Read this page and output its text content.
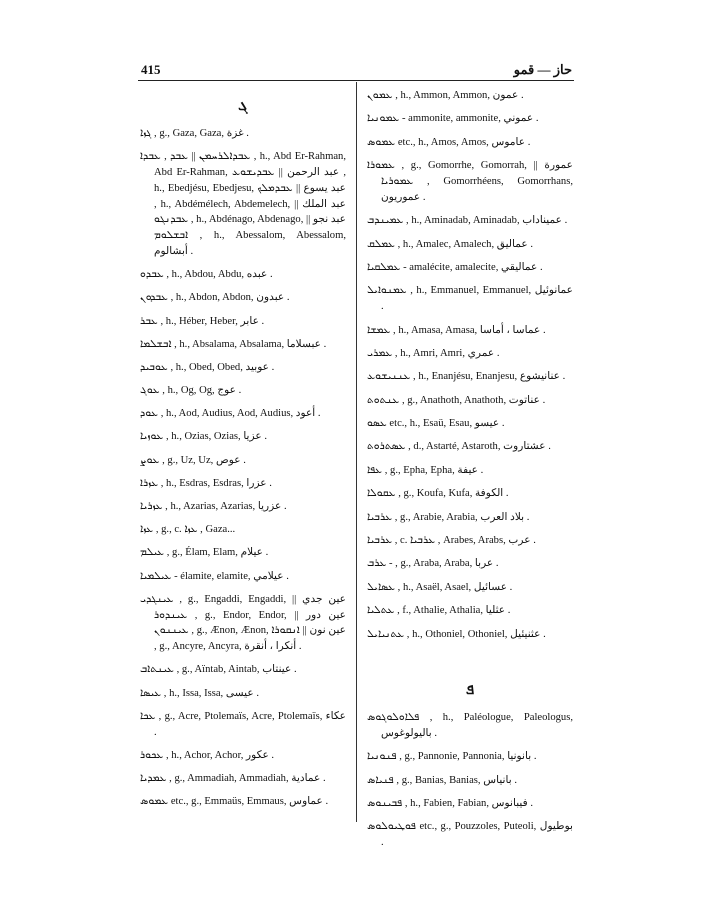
415	حاز — قمو
ܓ
ܓܙܐ , g., Gaza, Gaza, غزة .
ܥܒܕܐܠܪܚܡܢ || ܥܒܕ , ܥܒܕܐ , h., Abd Er-Rahman, Abd Er-Rahman, عبد الرحمن || ܥܒܕܝܫܘܥ , h., Ebedjésu, Ebedjesu, عبد يسوع || ܥܒܕܡܠܟ , h., Abdémélech, Abdemelech, عبد الملك || ܥܒܕܢܓܘ , h., Abdénago, Abdenago, عبد نجو || ܐܒܫܠܘܡ , h., Abessalom, Abessalom, أبشالوم .
ܥܒܕܘ , h., Abdou, Abdu, عبده .
ܥܒܕܘܢ , h., Abdon, Abdon, عبدون .
ܥܒܪ , h., Héber, Heber, عابر .
ܐܒܫܠܡܐ , h., Absalama, Absalama, عبسلاما .
ܥܘܒܝܕ , h., Obed, Obed, عوبيد .
ܥܘܓ , h., Og, Og, عوج .
ܥܘܕ , h., Aod, Audius, Aod, Audius, أعود .
ܥܘܙܝܐ , h., Ozias, Ozias, عزيا .
ܥܘܨ , g., Uz, Uz, عوص .
ܥܙܪܐ , h., Esdras, Esdras, عزرا .
ܥܙܪܝܐ , h., Azarias, Azarias, عزريا .
ܥܙܐ , g., c. ܥܙܐ , Gaza...
ܥܝܠܡ , g., Élam, Elam, عيلام .
ܥܝܠܡܝܐ - élamite, elamite, عيلامي .
ܥܝܢܓܕܝ , g., Engaddi, Engaddi, عين جدي || ܥܝܢܕܘܪ , g., Endor, Endor, عين دور || ܥܝܢܢܘܢ , g., Ænon, Ænon, عين نون || ܐܢܩܘܪܐ , g., Ancyre, Ancyra, أنكرا ، أنقرة .
ܥܝܢܬܐܒ , g., Aïntab, Aintab, عينتاب .
ܥܝܣܐ , h., Issa, Issa, عيسى .
ܥܟܐ , g., Acre, Ptolemaïs, Acre, Ptolemaïs, عكاء .
ܥܟܘܪ , h., Achor, Achor, عكور .
ܥܡܕܝܐ , g., Ammadiah, Ammadiah, عمادية .
ܥܡܘܣ etc., g., Emmaüs, Emmaus, عماوس .
ܥܡܘܢ , h., Ammon, Ammon, عمون .
ܥܡܘܢܝܐ - ammonite, ammonite, عموني .
ܥܡܘܣ etc., h., Amos, Amos, عاموس .
ܥܡܘܪܐ , g., Gomorrhe, Gomorrah, عمورة || ܥܡܘܪܝܐ , Gomorrhéens, Gomorrhans, عموريون .
ܥܡܝܢܕܒ , h., Aminadab, Aminadab, عميناداب .
ܥܡܠܩ , h., Amalec, Amalech, عماليق .
ܥܡܠܩܝܐ - amalécite, amalecite, عماليقي .
ܥܡܢܘܐܝܠ , h., Emmanuel, Emmanuel, عمانوئيل .
ܥܡܫܐ , h., Amasa, Amasa, عماسا ، أماسا .
ܥܡܪܝ , h., Amri, Amri, عمري .
ܥܢܢܝܫܘܥ , h., Enanjésu, Enanjesu, عنانيشوع .
ܥܢܬܘܬ , g., Anathoth, Anathoth, عناتوت .
ܥܣܘ etc., h., Esaü, Esau, عيسو .
ܥܣܬܪܘܬ , d., Astarté, Astaroth, عشتاروت .
ܥܦܐ , g., Epha, Epha, عيفة .
ܥܩܘܠܐ , g., Koufa, Kufa, الكوفة .
ܥܪܒܝܐ , g., Arabie, Arabia, بلاد العرب .
ܥܪܒܝܐ , c. ܥܪܒܝܐ , Arabes, Arabs, عرب .
ܥܪܒ - , g., Araba, Araba, عربا .
ܥܣܐܝܠ , h., Asaël, Asael, عسائيل .
ܥܬܠܝܐ , f., Athalie, Athalia, عثليا .
ܥܬܢܝܐܝܠ , h., Othoniel, Othoniel, عثنيئيل .
ܦ
ܦܠܐܘܠܘܓܘܣ , h., Paléologue, Paleologus, باليولوغوس .
ܦܢܘܢܝܐ , g., Pannonie, Pannonia, بانونيا .
ܦܢܝܐܣ , g., Banias, Banias, بانياس .
ܦܒܝܢܘܣ , h., Fabien, Fabian, فيبانوس .
ܦܘܛܝܘܠܘܣ etc., g., Pouzzoles, Puteoli, بوطيول .
